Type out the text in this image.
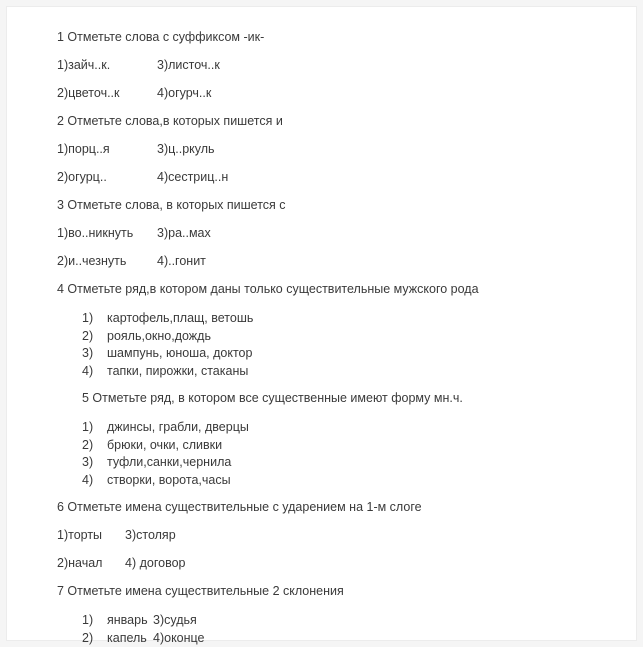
1 Отметьте слова с суффиксом -ик-

1)зайч..к.	3)листоч..к

2)цветоч..к	4)огурч..к

2 Отметьте слова,в которых пишется и

1)порц..я	3)ц..ркуль

2)огурц..	4)сестриц..н

3 Отметьте слова, в которых пишется с

1)во..никнуть 3)ра..мах

2)и..чезнуть 4)..гонит

4 Отметьте ряд,в котором даны только существительные мужского рода

1) картофель,плащ, ветошь

2) рояль,окно,дождь

3) шампунь, юноша, доктор

4) тапки, пирожки, стаканы

5 Отметьте ряд, в котором все существенные имеют форму мн.ч.

1) джинсы, грабли, дверцы

2) брюки, очки, сливки

3) туфли,санки,чернила

4) створки, ворота,часы

6 Отметьте имена существительные с ударением на 1-м слоге

1)торты 3)столяр

2)начал 4) договор

7 Отметьте имена существительные 2 склонения

1) январь 3)судья

2) капель 4)оконце
